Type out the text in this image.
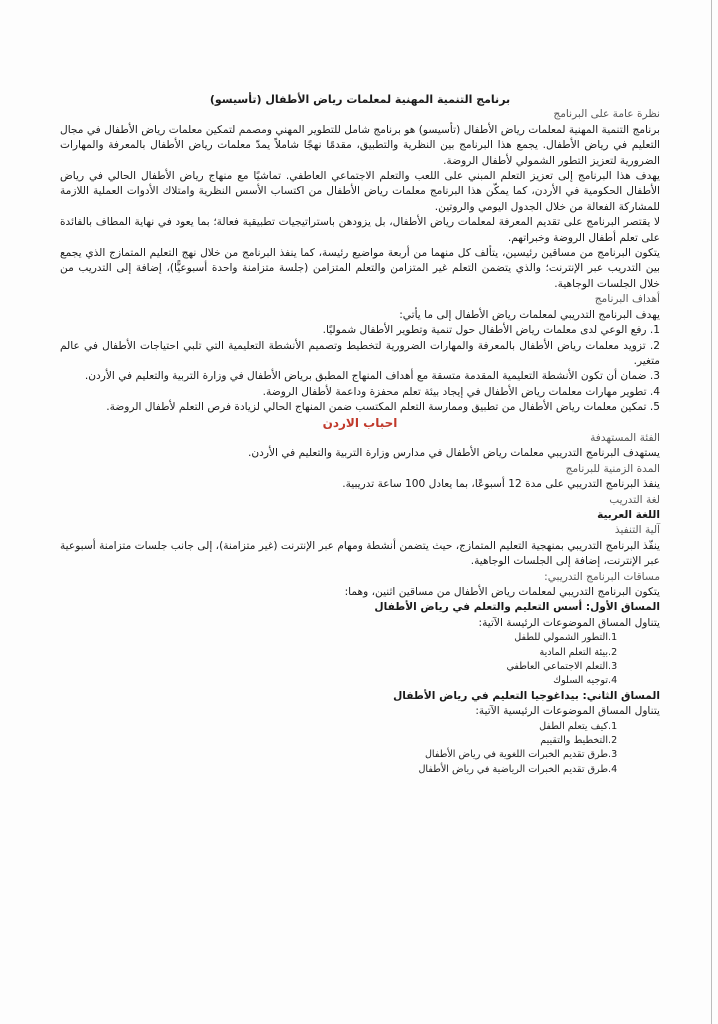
برنامج التنمية المهنية لمعلمات رياض الأطفال (تأسيسو)

نظرة عامة على البرنامج

برنامج التنمية المهنية لمعلمات رياض الأطفال (تأسيسو) هو برنامج شامل للتطوير المهني ومصمم لتمكين معلمات رياض الأطفال في مجال التعليم في رياض الأطفال. يجمع هذا البرنامج بين النظرية والتطبيق، مقدمًا نهجًا شاملاً يمدّ معلمات رياض الأطفال بالمعرفة والمهارات الضرورية لتعزيز التطور الشمولي لأطفال الروضة.

يهدف هذا البرنامج إلى تعزيز التعلم المبني على اللعب والتعلم الاجتماعي العاطفي. تماشيًا مع منهاج رياض الأطفال الحالي في رياض الأطفال الحكومية في الأردن، كما يمكّن هذا البرنامج معلمات رياض الأطفال من اكتساب الأسس النظرية وامتلاك الأدوات العملية اللازمة للمشاركة الفعالة من خلال الجدول اليومي والروتين.

لا يقتصر البرنامج على تقديم المعرفة لمعلمات رياض الأطفال، بل يزودهن باستراتيجيات تطبيقية فعالة؛ بما يعود في نهاية المطاف بالفائدة على تعلم أطفال الروضة وخبراتهم.

يتكون البرنامج من مساقين رئيسين، يتألف كل منهما من أربعة مواضيع رئيسة، كما ينفذ البرنامج من خلال نهج التعليم المتمازج الذي يجمع بين التدريب عبر الإنترنت؛ والذي يتضمن التعلم غير المتزامن والتعلم المتزامن (جلسة متزامنة واحدة أسبوعيًّا)، إضافة إلى التدريب من خلال الجلسات الوجاهية.

أهداف البرنامج

يهدف البرنامج التدريبي لمعلمات رياض الأطفال إلى ما يأتي:

1. رفع الوعي لدى معلمات رياض الأطفال حول تنمية وتطوير الأطفال شموليًا.
2. تزويد معلمات رياض الأطفال بالمعرفة والمهارات الضرورية لتخطيط وتصميم الأنشطة التعليمية التي تلبي احتياجات الأطفال في عالم متغير.
3. ضمان أن تكون الأنشطة التعليمية المقدمة متسقة مع أهداف المنهاج المطبق برياض الأطفال في وزارة التربية والتعليم في الأردن.
4. تطوير مهارات معلمات رياض الأطفال في إيجاد بيئة تعلم محفزة وداعمة لأطفال الروضة.
5. تمكين معلمات رياض الأطفال من تطبيق وممارسة التعلم المكتسب ضمن المنهاج الحالي لزيادة فرص التعلم لأطفال الروضة.

احباب الاردن

الفئة المستهدفة

يستهدف البرنامج التدريبي معلمات رياض الأطفال في مدارس وزارة التربية والتعليم في الأردن.

المدة الزمنية للبرنامج

ينفذ البرنامج التدريبي على مدة 12 أسبوعًا، بما يعادل 100 ساعة تدريبية.

لغة التدريب

اللغة العربية

آلية التنفيذ

ينفّذ البرنامج التدريبي بمنهجية التعليم المتمازج، حيث يتضمن أنشطة ومهام عبر الإنترنت (غير متزامنة)، إلى جانب جلسات متزامنة أسبوعية عبر الإنترنت، إضافة إلى الجلسات الوجاهية.

مساقات البرنامج التدريبي:

يتكون البرنامج التدريبي لمعلمات رياض الأطفال من مساقين اثنين، وهما:

المساق الأول: أسس التعليم والتعلم في رياض الأطفال

يتناول المساق الموضوعات الرئيسة الآتية:

1.
التطور الشمولي للطفل
2.
بيئة التعلم المادية
3.
التعلم الاجتماعي العاطفي
4.
توجيه السلوك

المساق الثاني: بيداغوجيا التعليم في رياض الأطفال

يتناول المساق الموضوعات الرئيسية الآتية:

1.
كيف يتعلم الطفل
2.
التخطيط والتقييم
3.
طرق تقديم الخبرات اللغوية في رياض الأطفال
4.
طرق تقديم الخبرات الرياضية في رياض الأطفال
